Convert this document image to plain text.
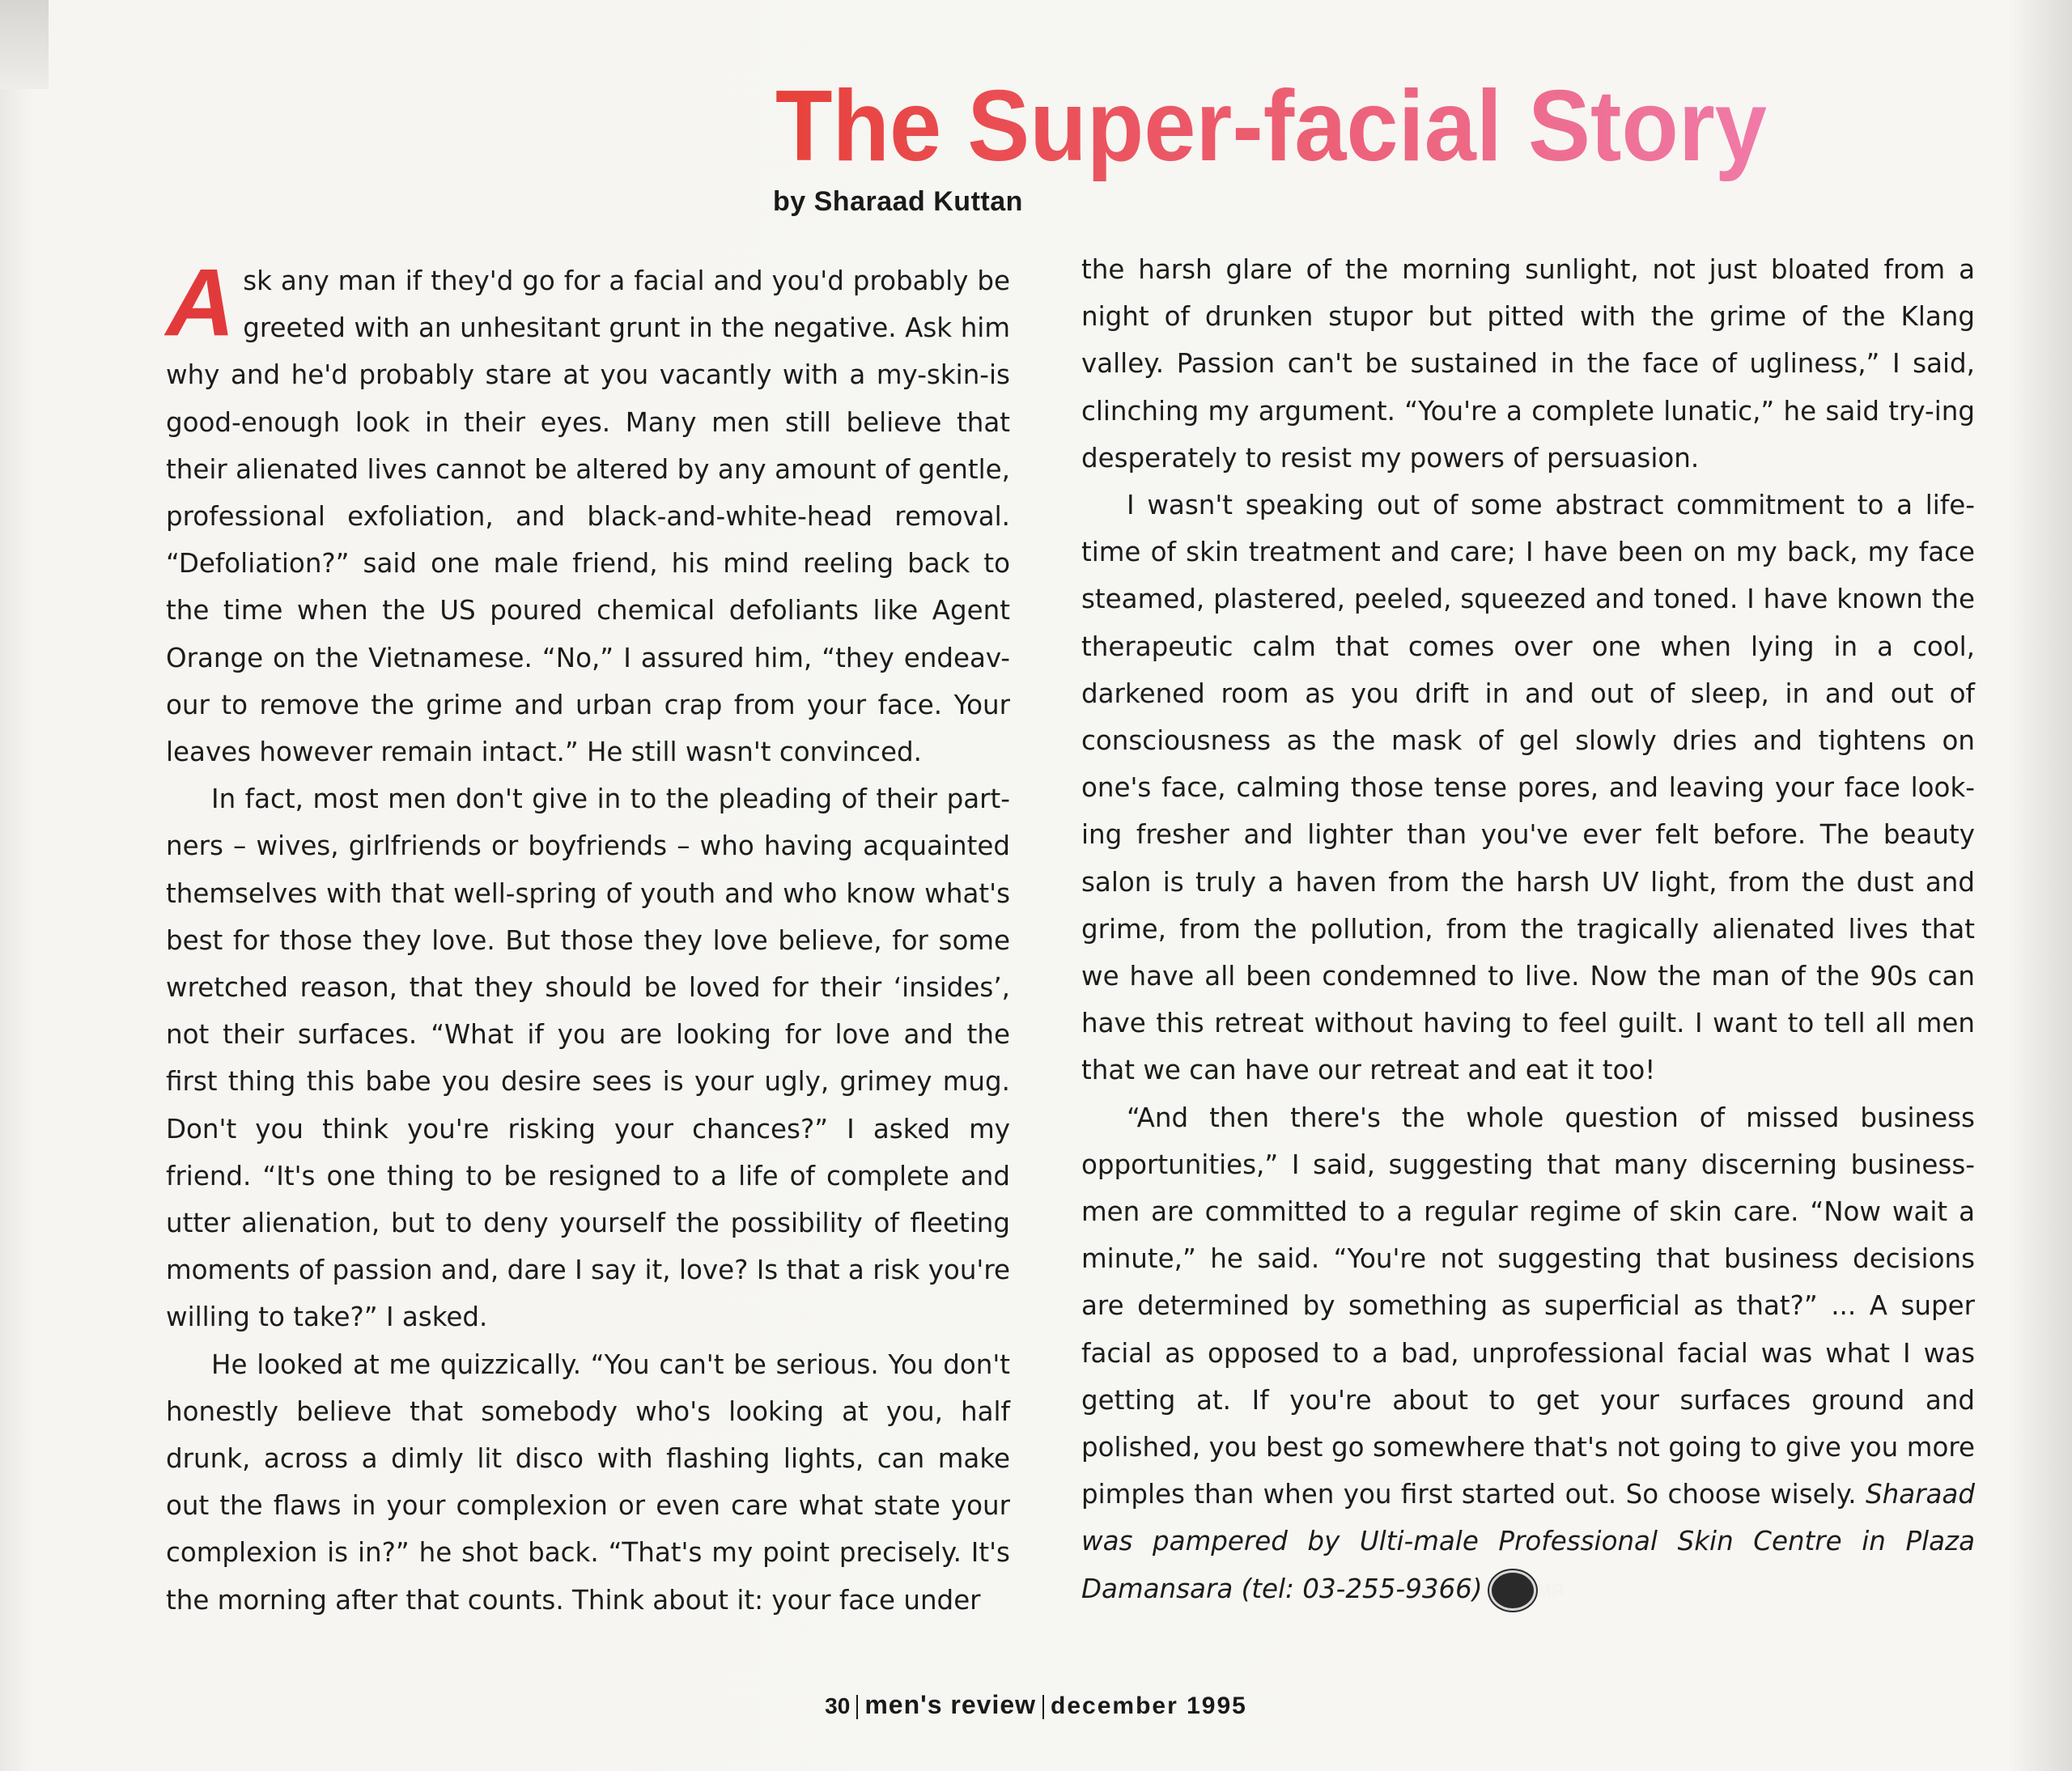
The Super-facial Story
by Sharaad Kuttan

Ask any man if they'd go for a facial and you'd probably be greeted with an unhesitant grunt in the negative. Ask him why and he'd probably stare at you vacantly with a my-skin-is good-enough look in their eyes. Many men still believe that their alienated lives cannot be altered by any amount of gentle, professional exfoliation, and black-and-white-head removal. “Defoliation?” said one male friend, his mind reeling back to the time when the US poured chemical defoliants like Agent Orange on the Vietnamese. “No,” I assured him, “they endeav-our to remove the grime and urban crap from your face. Your leaves however remain intact.” He still wasn't convinced.

In fact, most men don't give in to the pleading of their part-ners – wives, girlfriends or boyfriends – who having acquainted themselves with that well-spring of youth and who know what's best for those they love. But those they love believe, for some wretched reason, that they should be loved for their ‘insides’, not their surfaces. “What if you are looking for love and the first thing this babe you desire sees is your ugly, grimey mug. Don't you think you're risking your chances?” I asked my friend. “It's one thing to be resigned to a life of complete and utter alienation, but to deny yourself the possibility of fleeting moments of passion and, dare I say it, love? Is that a risk you're willing to take?” I asked.

He looked at me quizzically. “You can't be serious. You don't honestly believe that somebody who's looking at you, half drunk, across a dimly lit disco with flashing lights, can make out the flaws in your complexion or even care what state your complexion is in?” he shot back. “That's my point precisely. It's the morning after that counts. Think about it: your face under

the harsh glare of the morning sunlight, not just bloated from a night of drunken stupor but pitted with the grime of the Klang valley. Passion can't be sustained in the face of ugliness,” I said, clinching my argument. “You're a complete lunatic,” he said try-ing desperately to resist my powers of persuasion.

I wasn't speaking out of some abstract commitment to a life-time of skin treatment and care; I have been on my back, my face steamed, plastered, peeled, squeezed and toned. I have known the therapeutic calm that comes over one when lying in a cool, darkened room as you drift in and out of sleep, in and out of consciousness as the mask of gel slowly dries and tightens on one's face, calming those tense pores, and leaving your face look-ing fresher and lighter than you've ever felt before. The beauty salon is truly a haven from the harsh UV light, from the dust and grime, from the pollution, from the tragically alienated lives that we have all been condemned to live. Now the man of the 90s can have this retreat without having to feel guilt. I want to tell all men that we can have our retreat and eat it too!

“And then there's the whole question of missed business opportunities,” I said, suggesting that many discerning business-men are committed to a regular regime of skin care. “Now wait a minute,” he said. “You're not suggesting that business decisions are determined by something as superficial as that?” ... A super facial as opposed to a bad, unprofessional facial was what I was getting at. If you're about to get your surfaces ground and polished, you best go somewhere that's not going to give you more pimples than when you first started out. So choose wisely. Sharaad was pampered by Ulti-male Professional Skin Centre in Plaza Damansara (tel: 03-255-9366)	MR

30 men's review december 1995
